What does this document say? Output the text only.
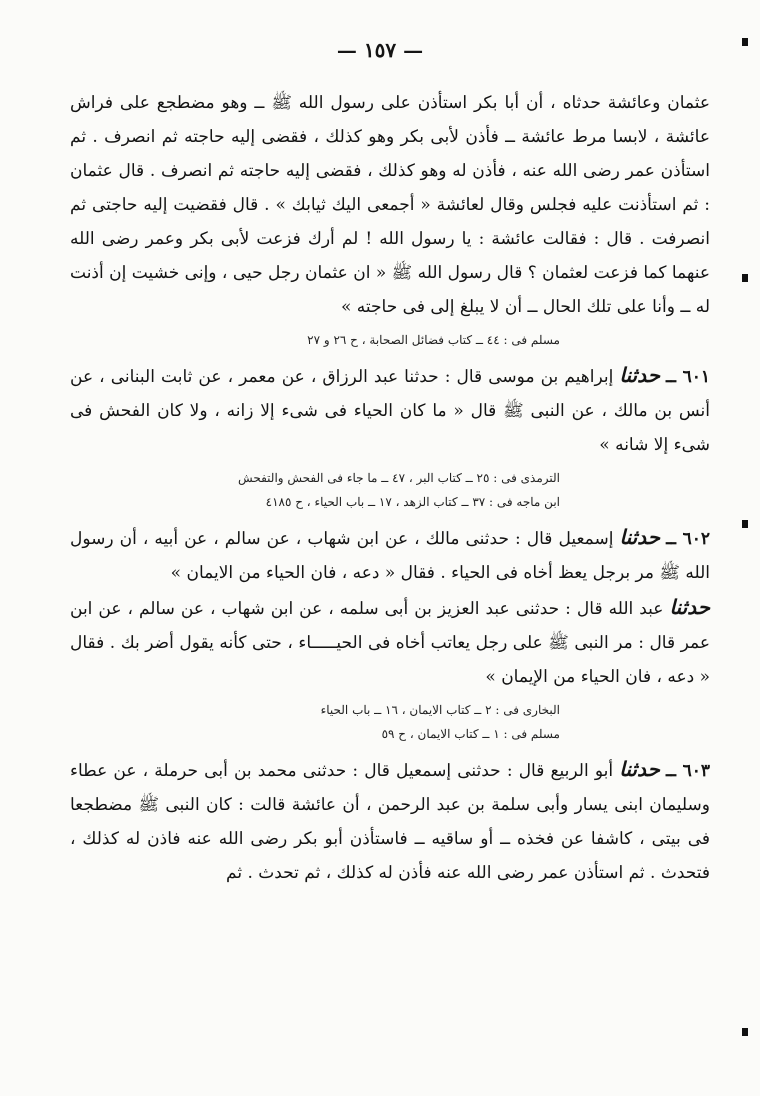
— ١٥٧ —

عثمان وعائشة حدثاه ، أن أبا بكر استأذن على رسول الله ﷺ ــ وهو مضطجع على فراش عائشة ، لابسا مرط عائشة ــ فأذن لأبى بكر وهو كذلك ، فقضى إليه حاجته ثم انصرف . ثم استأذن عمر رضى الله عنه ، فأذن له وهو كذلك ، فقضى إليه حاجته ثم انصرف . قال عثمان : ثم استأذنت عليه فجلس وقال لعائشة « أجمعى اليك ثيابك » . قال فقضيت إليه حاجتى ثم انصرفت . قال : فقالت عائشة : يا رسول الله ! لم أرك فزعت لأبى بكر وعمر رضى الله عنهما كما فزعت لعثمان ؟ قال رسول الله ﷺ « ان عثمان رجل حيى ، وإنى خشيت إن أذنت له ــ وأنا على تلك الحال ــ أن لا يبلغ إلى فى حاجته »

مسلم فى : ٤٤ ــ كتاب فضائل الصحابة ، ح ٢٦ و ٢٧

٦٠١ ــ حدثنا إبراهيم بن موسى قال : حدثنا عبد الرزاق ، عن معمر ، عن ثابت البنانى ، عن أنس بن مالك ، عن النبى ﷺ قال « ما كان الحياء فى شىء إلا زانه ، ولا كان الفحش فى شىء إلا شانه »

الترمذى فى : ٢٥ ــ كتاب البر ، ٤٧ ــ ما جاء فى الفحش والتفحش

ابن ماجه فى : ٣٧ ــ كتاب الزهد ، ١٧ ــ باب الحياء ، ح ٤١٨٥

٦٠٢ ــ حدثنا إسمعيل قال : حدثنى مالك ، عن ابن شهاب ، عن سالم ، عن أبيه ، أن رسول الله ﷺ مر برجل يعظ أخاه فى الحياء . فقال « دعه ، فان الحياء من الايمان »

حدثنا عبد الله قال : حدثنى عبد العزيز بن أبى سلمه ، عن ابن شهاب ، عن سالم ، عن ابن عمر قال : مر النبى ﷺ على رجل يعاتب أخاه فى الحيـــــاء ، حتى كأنه يقول أضر بك . فقال « دعه ، فان الحياء من الإيمان »

البخارى فى : ٢ ــ كتاب الايمان ، ١٦ ــ باب الحياء

مسلم فى : ١ ــ كتاب الايمان ، ح ٥٩

٦٠٣ ــ حدثنا أبو الربيع قال : حدثنى إسمعيل قال : حدثنى محمد بن أبى حرملة ، عن عطاء وسليمان ابنى يسار وأبى سلمة بن عبد الرحمن ، أن عائشة قالت : كان النبى ﷺ مضطجعا فى بيتى ، كاشفا عن فخذه ــ أو ساقيه ــ فاستأذن أبو بكر رضى الله عنه فاذن له كذلك ، فتحدث . ثم استأذن عمر رضى الله عنه فأذن له كذلك ، ثم تحدث . ثم
